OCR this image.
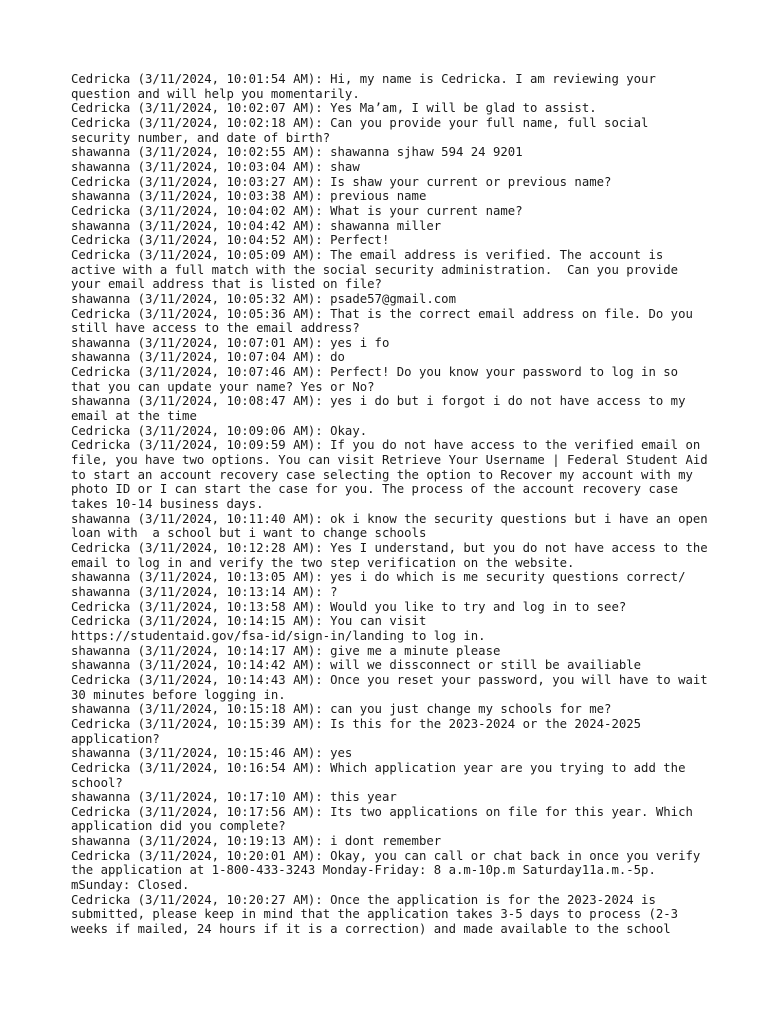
Cedricka (3/11/2024, 10:01:54 AM): Hi, my name is Cedricka. I am reviewing your question and will help you momentarily.

Cedricka (3/11/2024, 10:02:07 AM): Yes Ma’am, I will be glad to assist.

Cedricka (3/11/2024, 10:02:18 AM): Can you provide your full name, full social security number, and date of birth?

shawanna (3/11/2024, 10:02:55 AM): shawanna sjhaw 594 24 9201

shawanna (3/11/2024, 10:03:04 AM): shaw

Cedricka (3/11/2024, 10:03:27 AM): Is shaw your current or previous name?

shawanna (3/11/2024, 10:03:38 AM): previous name

Cedricka (3/11/2024, 10:04:02 AM): What is your current name?

shawanna (3/11/2024, 10:04:42 AM): shawanna miller

Cedricka (3/11/2024, 10:04:52 AM): Perfect!

Cedricka (3/11/2024, 10:05:09 AM): The email address is verified. The account is active with a full match with the social security administration.  Can you provide your email address that is listed on file?

shawanna (3/11/2024, 10:05:32 AM): psade57@gmail.com

Cedricka (3/11/2024, 10:05:36 AM): That is the correct email address on file. Do you still have access to the email address?

shawanna (3/11/2024, 10:07:01 AM): yes i fo

shawanna (3/11/2024, 10:07:04 AM): do

Cedricka (3/11/2024, 10:07:46 AM): Perfect! Do you know your password to log in so that you can update your name? Yes or No?

shawanna (3/11/2024, 10:08:47 AM): yes i do but i forgot i do not have access to my email at the time

Cedricka (3/11/2024, 10:09:06 AM): Okay.

Cedricka (3/11/2024, 10:09:59 AM): If you do not have access to the verified email on file, you have two options. You can visit Retrieve Your Username | Federal Student Aid to start an account recovery case selecting the option to Recover my account with my photo ID or I can start the case for you. The process of the account recovery case takes 10-14 business days.

shawanna (3/11/2024, 10:11:40 AM): ok i know the security questions but i have an open loan with  a school but i want to change schools

Cedricka (3/11/2024, 10:12:28 AM): Yes I understand, but you do not have access to the email to log in and verify the two step verification on the website.

shawanna (3/11/2024, 10:13:05 AM): yes i do which is me security questions correct/

shawanna (3/11/2024, 10:13:14 AM): ?

Cedricka (3/11/2024, 10:13:58 AM): Would you like to try and log in to see?

Cedricka (3/11/2024, 10:14:15 AM): You can visit
https://studentaid.gov/fsa-id/sign-in/landing to log in.

shawanna (3/11/2024, 10:14:17 AM): give me a minute please

shawanna (3/11/2024, 10:14:42 AM): will we dissconnect or still be availiable

Cedricka (3/11/2024, 10:14:43 AM): Once you reset your password, you will have to wait 30 minutes before logging in.

shawanna (3/11/2024, 10:15:18 AM): can you just change my schools for me?

Cedricka (3/11/2024, 10:15:39 AM): Is this for the 2023-2024 or the 2024-2025 application?

shawanna (3/11/2024, 10:15:46 AM): yes

Cedricka (3/11/2024, 10:16:54 AM): Which application year are you trying to add the school?

shawanna (3/11/2024, 10:17:10 AM): this year

Cedricka (3/11/2024, 10:17:56 AM): Its two applications on file for this year. Which application did you complete?

shawanna (3/11/2024, 10:19:13 AM): i dont remember

Cedricka (3/11/2024, 10:20:01 AM): Okay, you can call or chat back in once you verify the application at 1-800-433-3243 Monday-Friday: 8 a.m-10p.m Saturday11a.m.-5p. mSunday: Closed.

Cedricka (3/11/2024, 10:20:27 AM): Once the application is for the 2023-2024 is submitted, please keep in mind that the application takes 3-5 days to process (2-3 weeks if mailed, 24 hours if it is a correction) and made available to the school
